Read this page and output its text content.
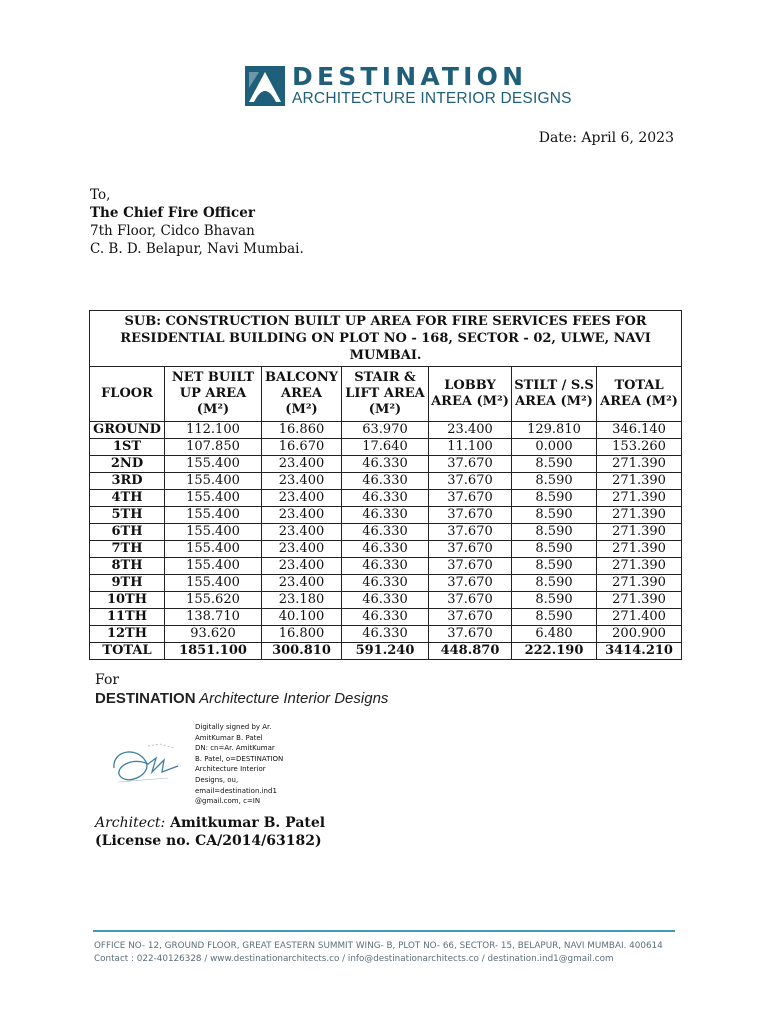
DESTINATION
ARCHITECTURE INTERIOR DESIGNS
Date: April 6, 2023
To,
The Chief Fire Officer
7th Floor, Cidco Bhavan
C. B. D. Belapur, Navi Mumbai.
SUB: CONSTRUCTION BUILT UP AREA FOR FIRE SERVICES FEES FOR RESIDENTIAL BUILDING ON PLOT NO - 168, SECTOR - 02, ULWE, NAVI MUMBAI.						
FLOOR	NET BUILT UP AREA (M²)	BALCONY AREA (M²)	STAIR & LIFT AREA (M²)	LOBBY AREA (M²)	STILT / S.S AREA (M²)	TOTAL AREA (M²)
GROUND	112.100	16.860	63.970	23.400	129.810	346.140
1ST	107.850	16.670	17.640	11.100	0.000	153.260
2ND	155.400	23.400	46.330	37.670	8.590	271.390
3RD	155.400	23.400	46.330	37.670	8.590	271.390
4TH	155.400	23.400	46.330	37.670	8.590	271.390
5TH	155.400	23.400	46.330	37.670	8.590	271.390
6TH	155.400	23.400	46.330	37.670	8.590	271.390
7TH	155.400	23.400	46.330	37.670	8.590	271.390
8TH	155.400	23.400	46.330	37.670	8.590	271.390
9TH	155.400	23.400	46.330	37.670	8.590	271.390
10TH	155.620	23.180	46.330	37.670	8.590	271.390
11TH	138.710	40.100	46.330	37.670	8.590	271.400
12TH	93.620	16.800	46.330	37.670	6.480	200.900
TOTAL	1851.100	300.810	591.240	448.870	222.190	3414.210
For
DESTINATION Architecture Interior Designs
Digitally signed by Ar.
AmitKumar B. Patel
DN: cn=Ar. AmitKumar
B. Patel, o=DESTINATION
Architecture Interior
Designs, ou,
email=destination.ind1
@gmail.com, c=IN
Architect: Amitkumar B. Patel
(License no. CA/2014/63182)
OFFICE NO- 12, GROUND FLOOR, GREAT EASTERN SUMMIT WING- B, PLOT NO- 66, SECTOR- 15, BELAPUR, NAVI MUMBAI. 400614
Contact : 022-40126328 / www.destinationarchitects.co / info@destinationarchitects.co / destination.ind1@gmail.com
